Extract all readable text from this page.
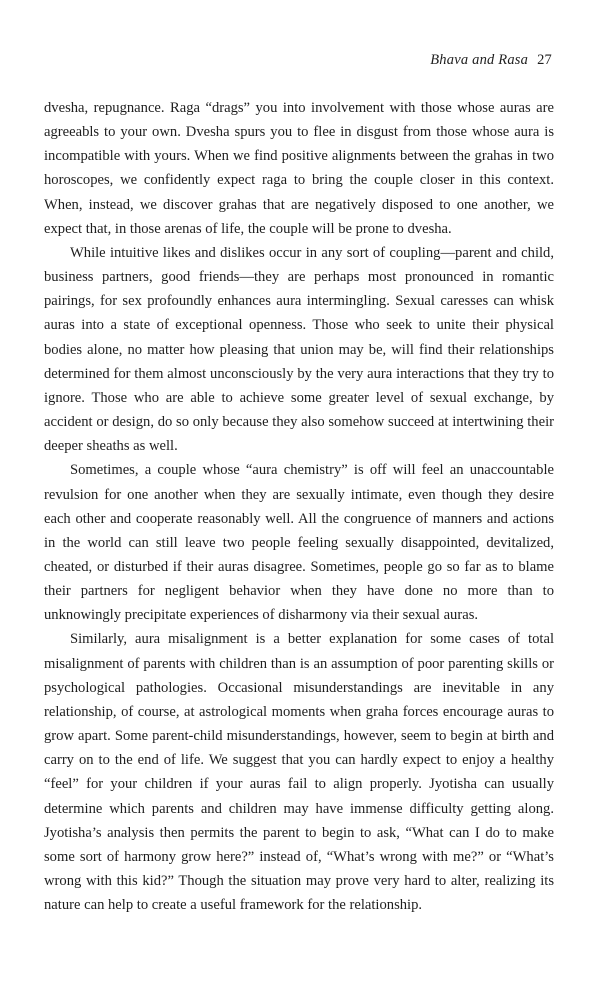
Bhava and Rasa 27

dvesha, repugnance. Raga “drags” you into involvement with those whose auras are agreeabls to your own. Dvesha spurs you to flee in disgust from those whose aura is incompatible with yours. When we find positive alignments between the grahas in two horoscopes, we confidently expect raga to bring the couple closer in this context. When, instead, we discover grahas that are negatively disposed to one another, we expect that, in those arenas of life, the couple will be prone to dvesha.

While intuitive likes and dislikes occur in any sort of coupling—parent and child, business partners, good friends—they are perhaps most pronounced in romantic pairings, for sex profoundly enhances aura intermingling. Sexual caresses can whisk auras into a state of exceptional openness. Those who seek to unite their physical bodies alone, no matter how pleasing that union may be, will find their relationships determined for them almost unconsciously by the very aura interactions that they try to ignore. Those who are able to achieve some greater level of sexual exchange, by accident or design, do so only because they also somehow succeed at intertwining their deeper sheaths as well.

Sometimes, a couple whose “aura chemistry” is off will feel an unaccountable revulsion for one another when they are sexually intimate, even though they desire each other and cooperate reasonably well. All the congruence of manners and actions in the world can still leave two people feeling sexually disappointed, devitalized, cheated, or disturbed if their auras disagree. Sometimes, people go so far as to blame their partners for negligent behavior when they have done no more than to unknowingly precipitate experiences of disharmony via their sexual auras.

Similarly, aura misalignment is a better explanation for some cases of total misalignment of parents with children than is an assumption of poor parenting skills or psychological pathologies. Occasional misunderstandings are inevitable in any relationship, of course, at astrological moments when graha forces encourage auras to grow apart. Some parent-child misunderstandings, however, seem to begin at birth and carry on to the end of life. We suggest that you can hardly expect to enjoy a healthy “feel” for your children if your auras fail to align properly. Jyotisha can usually determine which parents and children may have immense difficulty getting along. Jyotisha’s analysis then permits the parent to begin to ask, “What can I do to make some sort of harmony grow here?” instead of, “What’s wrong with me?” or “What’s wrong with this kid?” Though the situation may prove very hard to alter, realizing its nature can help to create a useful framework for the relationship.
